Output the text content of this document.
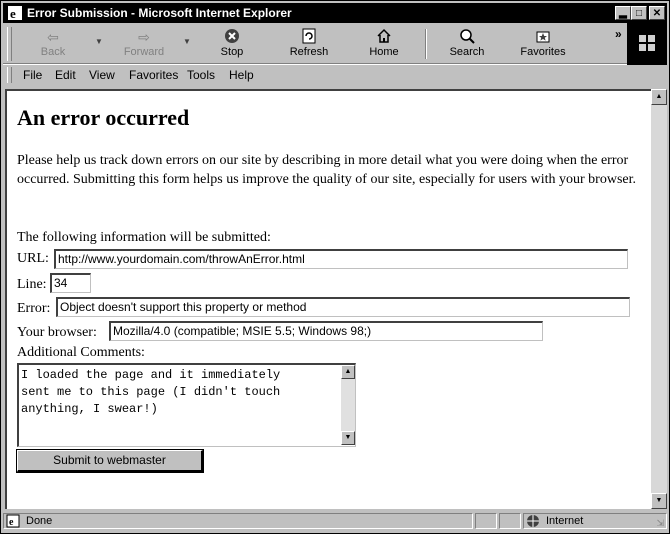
e Error Submission - Microsoft Internet Explorer	▂ □	✕
⇦
Back
▼	⇨
Forward
▼
Stop	Refresh	Home	Search	Favorites
»
File Edit View Favorites Tools Help
An error occurred

Please help us track down errors on our site by describing in more detail what you were doing when the error occurred. Submitting this form helps us improve the quality of our site, especially for users with your browser.

The following information will be submitted:
URL: http://www.yourdomain.com/throwAnError.html
Line: 34
Error: Object doesn't support this property or method
Your browser:	Mozilla/4.0 (compatible; MSIE 5.5; Windows 98;)
Additional Comments:
I loaded the page and it immediately
sent me to this page (I didn't touch
anything, I swear!)
▲
▼
Submit to webmaster
▲
▼
e Done	Internet	⇲
